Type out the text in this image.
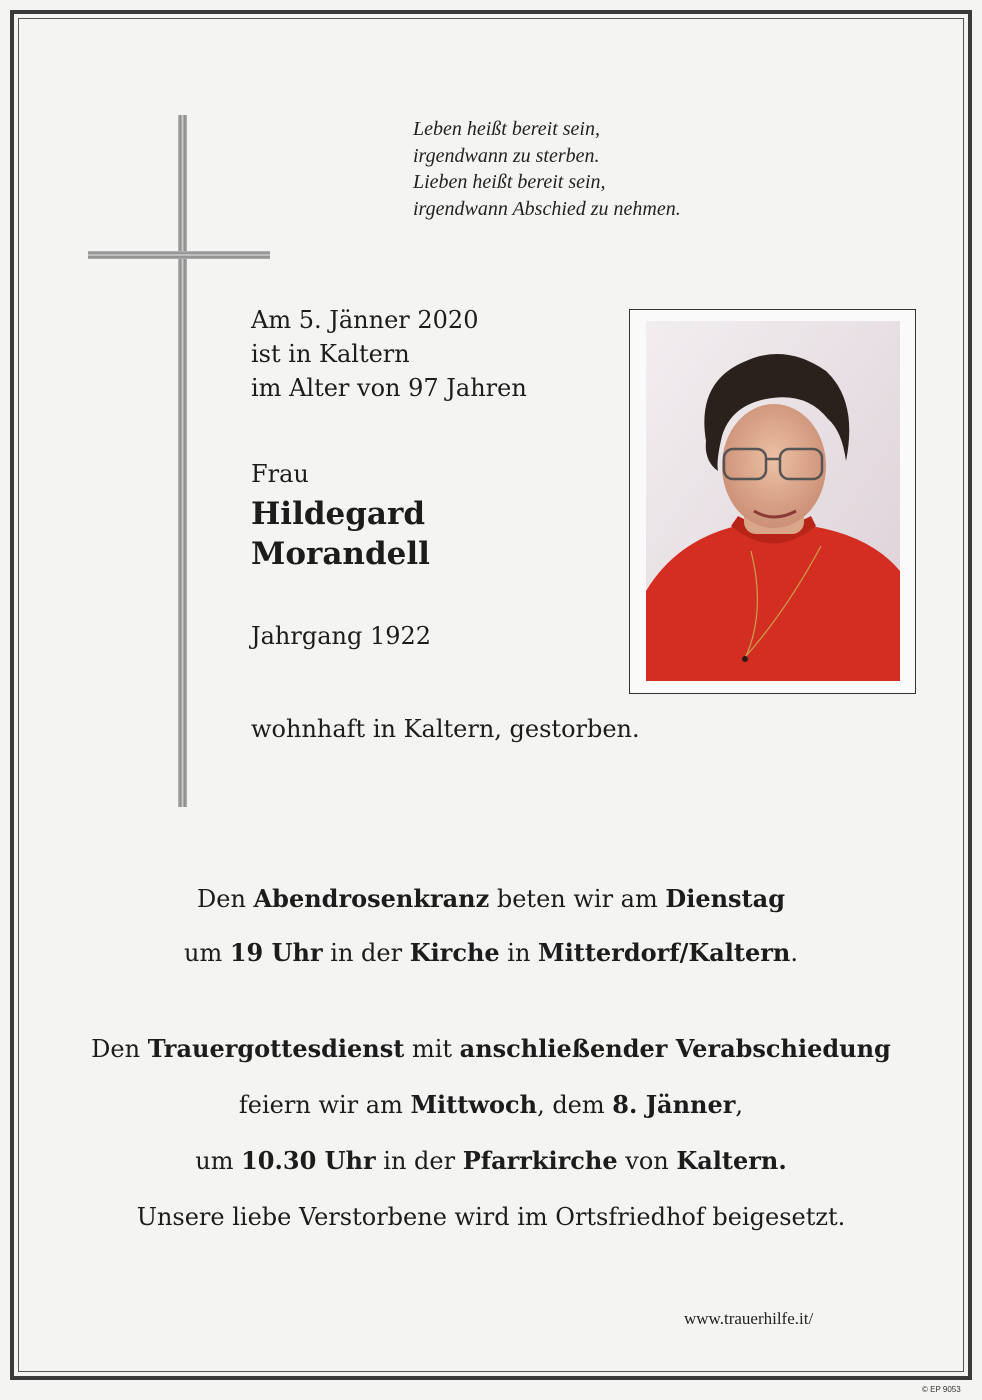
Leben heißt bereit sein,
irgendwann zu sterben.
Lieben heißt bereit sein,
irgendwann Abschied zu nehmen.
Am 5. Jänner 2020
ist in Kaltern
im Alter von 97 Jahren
Frau
Hildegard
Morandell
Jahrgang 1922
wohnhaft in Kaltern, gestorben.
Den Abendrosenkranz beten wir am Dienstag
um 19 Uhr in der Kirche in Mitterdorf/Kaltern.
Den Trauergottesdienst mit anschließender Verabschiedung
feiern wir am Mittwoch, dem 8. Jänner,
um 10.30 Uhr in der Pfarrkirche von Kaltern.
Unsere liebe Verstorbene wird im Ortsfriedhof beigesetzt.
www.trauerhilfe.it/
© EP 9053
